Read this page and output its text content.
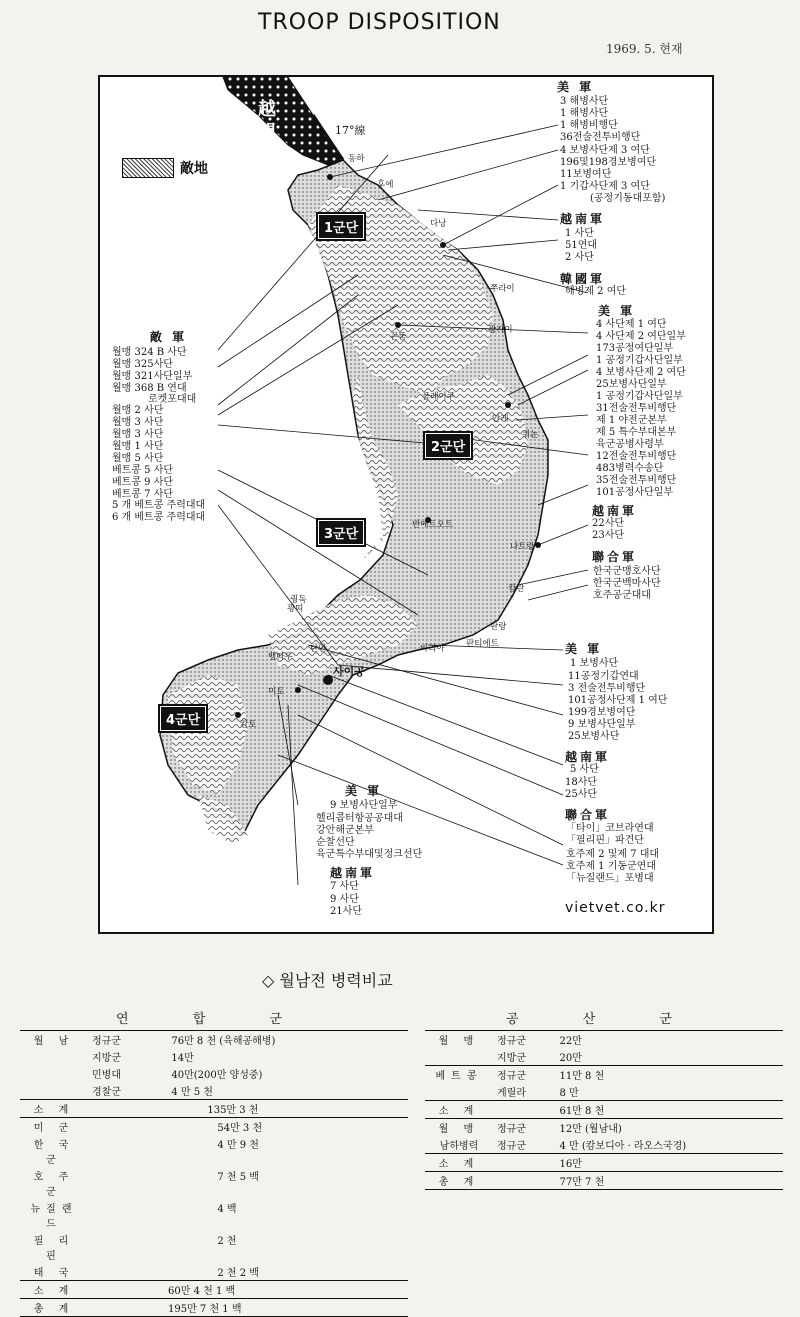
TROOP DISPOSITION
1969. 5. 현재
敵地
越
盟	17°線
동하
후에
다낭
쭈라이
꽝가이
꼰뚬
플레이쿠
안케
퀴논
반메트오트
나트랑
캄란
판랑
판티에트
퀑독
사이공
미토
칸토
1군단
2군단
3군단
4군단
美 軍
3 해병사단
1 해병사단
1 해병비행단
36전술전투비행단
4 보병사단제 3 여단
196및198경보병여단
11보병여단
1 기갑사단제 3 여단
(공정기동대포함)
越南軍
1 사단
51연대
2 사단
韓國軍
해병제 2 여단
美 軍
4 사단제 1 여단
4 사단제 2 여단일부
173공정여단일부
1 공정기갑사단일부
4 보병사단제 2 여단
25보병사단일부
1 공정기갑사단일부
31전술전투비행단
제 1 야전군본부
제 5 특수부대본부
육군공병사령부
12전술전투비행단
483병력수송단
35전술전투비행단
101공정사단일부
越南軍
22사단
23사단
聯合軍
한국군맹호사단
한국군백마사단
호주공군대대
敵 軍
월맹 324 B 사단
월맹 325사단
월맹 321사단일부
월맹 368 B 연대
로켓포대대
월맹 2 사단
월맹 3 사단
월맹 3 사단
월맹 1 사단
월맹 5 사단
베트콩 5 사단
베트콩 9 사단
베트콩 7 사단
5 개 베트콩 주력대대
6 개 베트콩 주력대대
美 軍
1 보병사단
11공정기갑연대
3 전술전투비행단
101공정사단제 1 여단
199경보병여단
9 보병사단일부
25보병사단
越南軍
5 사단
18사단
25사단
聯合軍
「타이」코브라연대
「필리핀」파견단
호주제 2 및제 7 대대
호주제 1 기동군연대
「뉴질랜드」포병대
美 軍
9 보병사단일부
헬리콥터항공공대대
강안해군본부
순찰선단
육군특수부대및정크선단
越南軍
7 사단
9 사단
21사단	vietvet.co.kr
◇ 월남전 병력비교
연 합 군		
월 남	정규군	76만 8 천 (육해공해병)
	지방군	14만
	민병대	40만(200만 양성중)
	경찰군	4 만 5 천
소 계		135만 3 천
미 군		54만 3 천
한 국 군		4 만 9 천
호 주 군		7 천 5 백
뉴질랜드		4 백
필 리 핀		2 천
태 국		2 천 2 백
소 계	60만 4 천 1 백	
총 계	195만 7 천 1 백	
공 산 군		
월 맹	정규군	22만
	지방군	20만
베트콩	정규군	11만 8 천
	게릴라	8 만
소 계		61만 8 천
월 맹	정규군	12만 (월남내)
남하병력	정규군	4 만 (캄보디아 · 라오스국경)
소 계		16만
총 계		77만 7 천
꽝띠
탄안
뱅따우
바리아
